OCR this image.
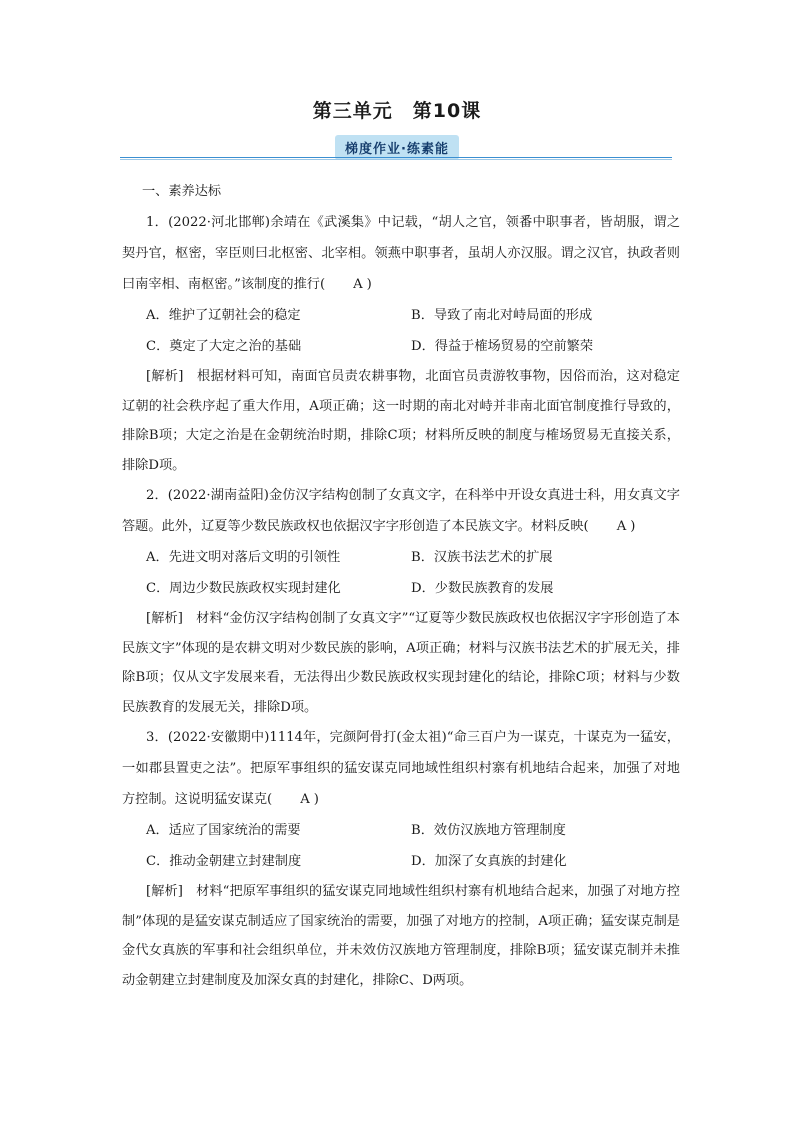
第三单元 第10课
梯度作业·练素能
一、素养达标
1．(2022·河北邯郸)余靖在《武溪集》中记载，“胡人之官，领番中职事者，皆胡服，谓之契丹官，枢密，宰臣则曰北枢密、北宰相。领燕中职事者，虽胡人亦汉服。谓之汉官，执政者则曰南宰相、南枢密。”该制度的推行( A )
A．维护了辽朝社会的稳定	B．导致了南北对峙局面的形成
C．奠定了大定之治的基础	D．得益于榷场贸易的空前繁荣
[解析]　根据材料可知，南面官员责农耕事物，北面官员责游牧事物，因俗而治，这对稳定辽朝的社会秩序起了重大作用，A项正确；这一时期的南北对峙并非南北面官制度推行导致的，排除B项；大定之治是在金朝统治时期，排除C项；材料所反映的制度与榷场贸易无直接关系，排除D项。
2．(2022·湖南益阳)金仿汉字结构创制了女真文字，在科举中开设女真进士科，用女真文字答题。此外，辽夏等少数民族政权也依据汉字字形创造了本民族文字。材料反映( A )
A．先进文明对落后文明的引领性	B．汉族书法艺术的扩展
C．周边少数民族政权实现封建化	D．少数民族教育的发展
[解析]　材料“金仿汉字结构创制了女真文字”“辽夏等少数民族政权也依据汉字字形创造了本民族文字”体现的是农耕文明对少数民族的影响，A项正确；材料与汉族书法艺术的扩展无关，排除B项；仅从文字发展来看，无法得出少数民族政权实现封建化的结论，排除C项；材料与少数民族教育的发展无关，排除D项。
3．(2022·安徽期中)1114年，完颜阿骨打(金太祖)“命三百户为一谋克，十谋克为一猛安，一如郡县置吏之法”。把原军事组织的猛安谋克同地域性组织村寨有机地结合起来，加强了对地方控制。这说明猛安谋克( A )
A．适应了国家统治的需要	B．效仿汉族地方管理制度
C．推动金朝建立封建制度	D．加深了女真族的封建化
[解析]　材料“把原军事组织的猛安谋克同地域性组织村寨有机地结合起来，加强了对地方控制”体现的是猛安谋克制适应了国家统治的需要，加强了对地方的控制，A项正确；猛安谋克制是金代女真族的军事和社会组织单位，并未效仿汉族地方管理制度，排除B项；猛安谋克制并未推动金朝建立封建制度及加深女真的封建化，排除C、D两项。
